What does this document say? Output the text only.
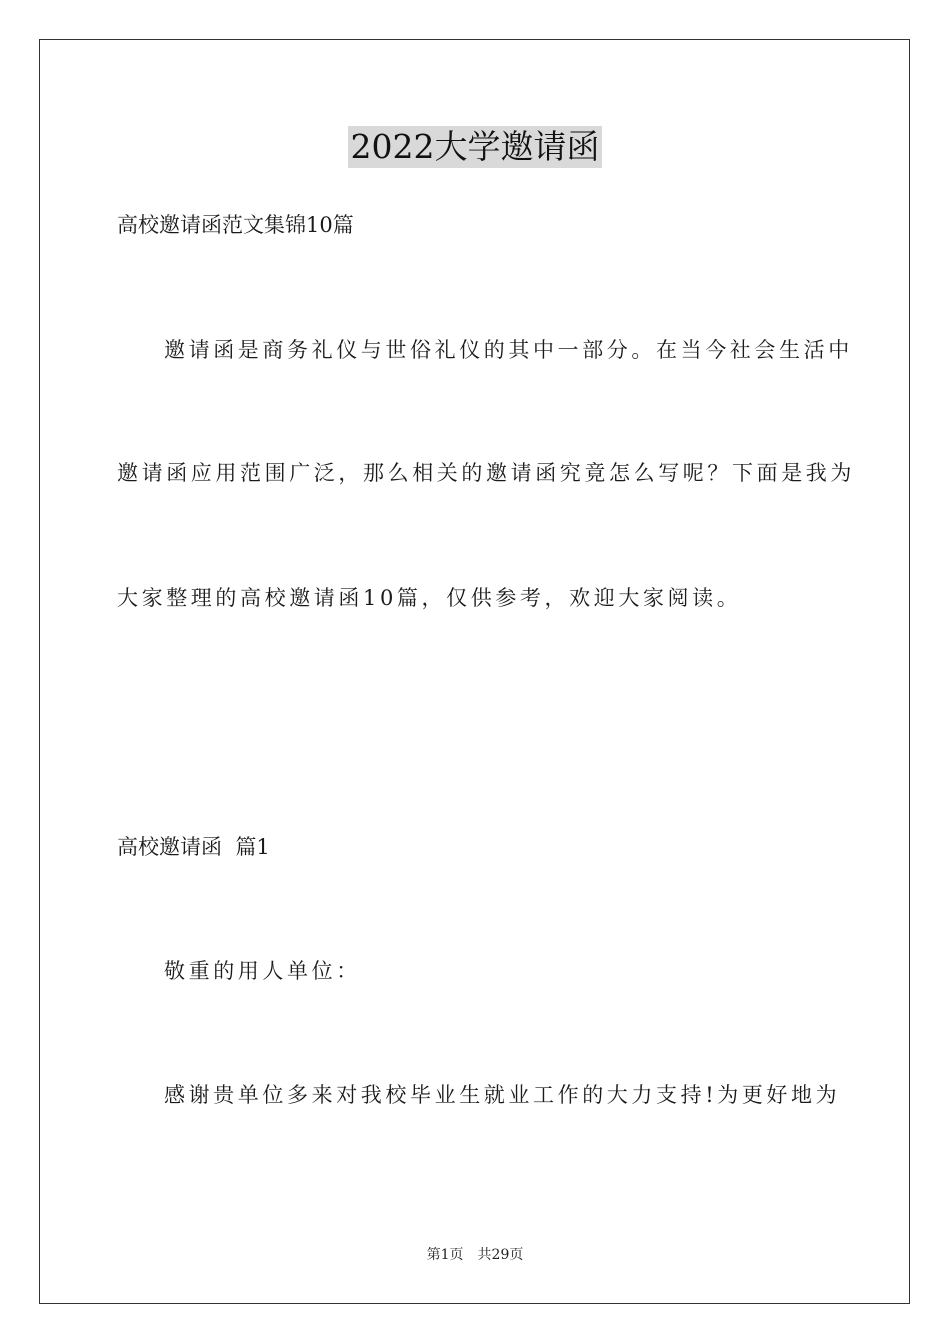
2022大学邀请函
高校邀请函范文集锦10篇
邀请函是商务礼仪与世俗礼仪的其中一部分。在当今社会生活中
邀请函应用范围广泛，那么相关的邀请函究竟怎么写呢？下面是我为
大家整理的高校邀请函10篇，仅供参考，欢迎大家阅读。
高校邀请函  篇1
敬重的用人单位：
感谢贵单位多来对我校毕业生就业工作的大力支持!为更好地为
第1页 共29页
